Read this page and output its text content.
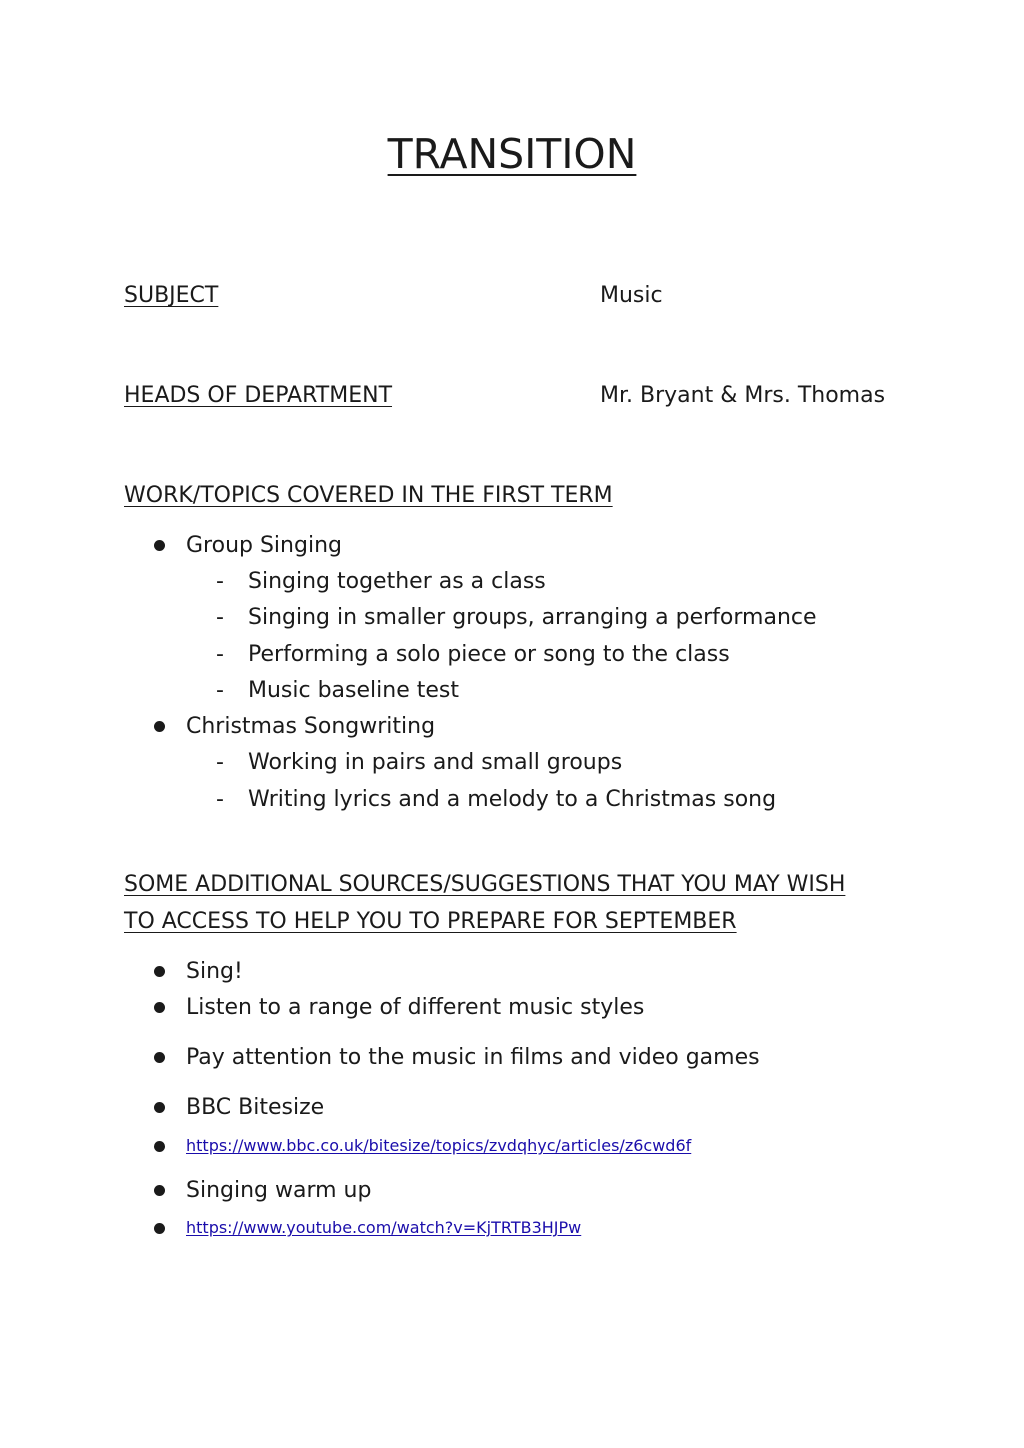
TRANSITION
SUBJECT	Music
HEADS OF DEPARTMENT	Mr. Bryant & Mrs. Thomas
WORK/TOPICS COVERED IN THE FIRST TERM
Group Singing
- Singing together as a class
- Singing in smaller groups, arranging a performance
- Performing a solo piece or song to the class
- Music baseline test
Christmas Songwriting
- Working in pairs and small groups
- Writing lyrics and a melody to a Christmas song
SOME ADDITIONAL SOURCES/SUGGESTIONS THAT YOU MAY WISH
TO ACCESS TO HELP YOU TO PREPARE FOR SEPTEMBER
Sing!
Listen to a range of different music styles
Pay attention to the music in films and video games
BBC Bitesize
https://www.bbc.co.uk/bitesize/topics/zvdqhyc/articles/z6cwd6f
Singing warm up
https://www.youtube.com/watch?v=KjTRTB3HJPw
